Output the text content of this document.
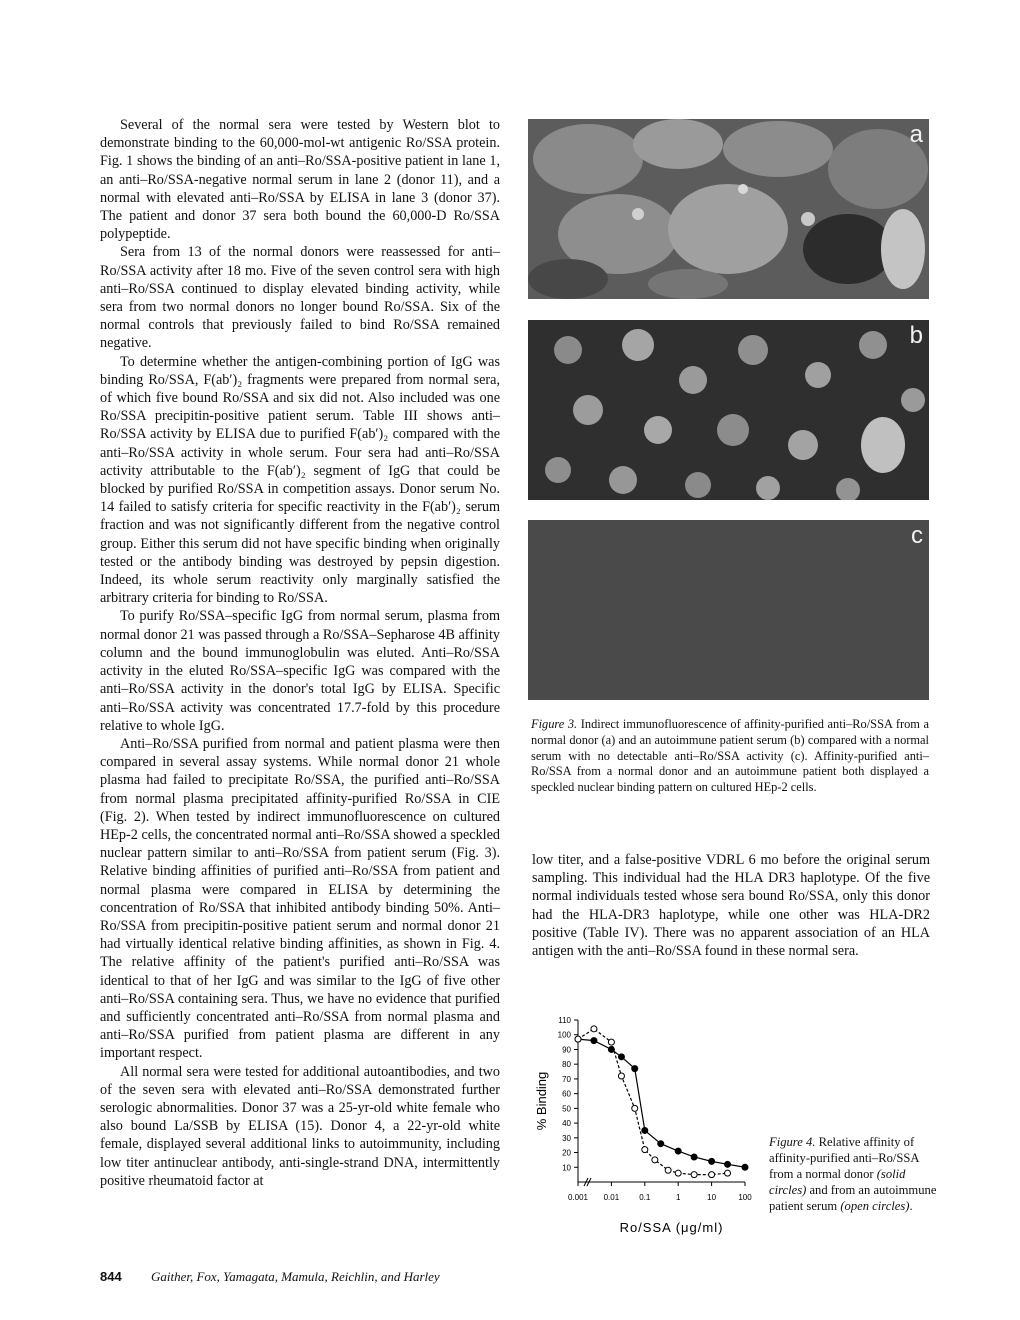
Several of the normal sera were tested by Western blot to demonstrate binding to the 60,000-mol-wt antigenic Ro/SSA protein. Fig. 1 shows the binding of an anti–Ro/SSA-positive patient in lane 1, an anti–Ro/SSA-negative normal serum in lane 2 (donor 11), and a normal with elevated anti–Ro/SSA by ELISA in lane 3 (donor 37). The patient and donor 37 sera both bound the 60,000-D Ro/SSA polypeptide.

Sera from 13 of the normal donors were reassessed for anti–Ro/SSA activity after 18 mo. Five of the seven control sera with high anti–Ro/SSA continued to display elevated binding activity, while sera from two normal donors no longer bound Ro/SSA. Six of the normal controls that previously failed to bind Ro/SSA remained negative.

To determine whether the antigen-combining portion of IgG was binding Ro/SSA, F(ab′)₂ fragments were prepared from normal sera, of which five bound Ro/SSA and six did not. Also included was one Ro/SSA precipitin-positive patient serum. Table III shows anti–Ro/SSA activity by ELISA due to purified F(ab′)₂ compared with the anti–Ro/SSA activity in whole serum. Four sera had anti–Ro/SSA activity attributable to the F(ab′)₂ segment of IgG that could be blocked by purified Ro/SSA in competition assays. Donor serum No. 14 failed to satisfy criteria for specific reactivity in the F(ab′)₂ serum fraction and was not significantly different from the negative control group. Either this serum did not have specific binding when originally tested or the antibody binding was destroyed by pepsin digestion. Indeed, its whole serum reactivity only marginally satisfied the arbitrary criteria for binding to Ro/SSA.

To purify Ro/SSA–specific IgG from normal serum, plasma from normal donor 21 was passed through a Ro/SSA–Sepharose 4B affinity column and the bound immunoglobulin was eluted. Anti–Ro/SSA activity in the eluted Ro/SSA–specific IgG was compared with the anti–Ro/SSA activity in the donor's total IgG by ELISA. Specific anti–Ro/SSA activity was concentrated 17.7-fold by this procedure relative to whole IgG.

Anti–Ro/SSA purified from normal and patient plasma were then compared in several assay systems. While normal donor 21 whole plasma had failed to precipitate Ro/SSA, the purified anti–Ro/SSA from normal plasma precipitated affinity-purified Ro/SSA in CIE (Fig. 2). When tested by indirect immunofluorescence on cultured HEp-2 cells, the concentrated normal anti–Ro/SSA showed a speckled nuclear pattern similar to anti–Ro/SSA from patient serum (Fig. 3). Relative binding affinities of purified anti–Ro/SSA from patient and normal plasma were compared in ELISA by determining the concentration of Ro/SSA that inhibited antibody binding 50%. Anti–Ro/SSA from precipitin-positive patient serum and normal donor 21 had virtually identical relative binding affinities, as shown in Fig. 4. The relative affinity of the patient's purified anti–Ro/SSA was identical to that of her IgG and was similar to the IgG of five other anti–Ro/SSA containing sera. Thus, we have no evidence that purified and sufficiently concentrated anti–Ro/SSA from normal plasma and anti–Ro/SSA purified from patient plasma are different in any important respect.

All normal sera were tested for additional autoantibodies, and two of the seven sera with elevated anti–Ro/SSA demonstrated further serologic abnormalities. Donor 37 was a 25-yr-old white female who also bound La/SSB by ELISA (15). Donor 4, a 22-yr-old white female, displayed several additional links to autoimmunity, including low titer antinuclear antibody, anti-single-strand DNA, intermittently positive rheumatoid factor at

a
b
c
Figure 3. Indirect immunofluorescence of affinity-purified anti–Ro/SSA from a normal donor (a) and an autoimmune patient serum (b) compared with a normal serum with no detectable anti–Ro/SSA activity (c). Affinity-purified anti–Ro/SSA from a normal donor and an autoimmune patient both displayed a speckled nuclear binding pattern on cultured HEp-2 cells.

low titer, and a false-positive VDRL 6 mo before the original serum sampling. This individual had the HLA DR3 haplotype. Of the five normal individuals tested whose sera bound Ro/SSA, only this donor had the HLA-DR3 haplotype, while one other was HLA-DR2 positive (Table IV). There was no apparent association of an HLA antigen with the anti–Ro/SSA found in these normal sera.

10
20
30
40
50
60
70
80
90
100
110
0.001 0.01	0.1	1	10	100
Ro/SSA (μg/ml)
% Binding
Figure 4. Relative affinity of affinity-purified anti–Ro/SSA from a normal donor (solid circles) and from an autoimmune patient serum (open circles).
844 Gaither, Fox, Yamagata, Mamula, Reichlin, and Harley
